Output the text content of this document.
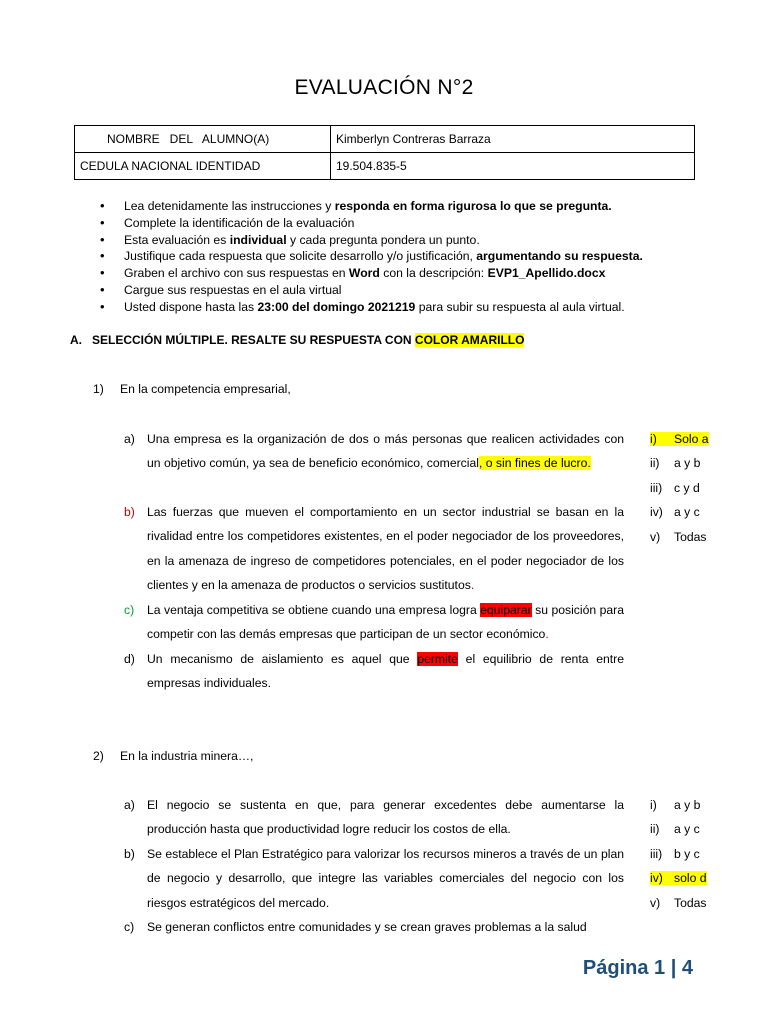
EVALUACIÓN N°2
NOMBRE   DEL   ALUMNO(A)	Kimberlyn Contreras Barraza
CEDULA NACIONAL IDENTIDAD	19.504.835-5
• Lea detenidamente las instrucciones y responda en forma rigurosa lo que se pregunta.
• Complete la identificación de la evaluación
• Esta evaluación es individual y cada pregunta pondera un punto.
• Justifique cada respuesta que solicite desarrollo y/o justificación, argumentando su respuesta.
• Graben el archivo con sus respuestas en Word con la descripción: EVP1_Apellido.docx
• Cargue sus respuestas en el aula virtual
• Usted dispone hasta las 23:00 del domingo 2021219 para subir su respuesta al aula virtual.
A.   SELECCIÓN MÚLTIPLE. RESALTE SU RESPUESTA CON COLOR AMARILLO
1) En la competencia empresarial,
a) Una empresa es la organización de dos o más personas que realicen actividades con un objetivo común, ya sea de beneficio económico, comercial, o sin fines de lucro.
b) Las fuerzas que mueven el comportamiento en un sector industrial se basan en la rivalidad entre los competidores existentes, en el poder negociador de los proveedores, en la amenaza de ingreso de competidores potenciales, en el poder negociador de los clientes y en la amenaza de productos o servicios sustitutos.
c) La ventaja competitiva se obtiene cuando una empresa logra equiparar su posición para competir con las demás empresas que participan de un sector económico.
d) Un mecanismo de aislamiento es aquel que permite el equilibrio de renta entre empresas individuales.
i) Solo a
ii) a y b
iii) c y d
iv) a y c
v) Todas
2) En la industria minera…,
a) El negocio se sustenta en que, para generar excedentes debe aumentarse la producción hasta que productividad logre reducir los costos de ella.
b) Se establece el Plan Estratégico para valorizar los recursos mineros a través de un plan de negocio y desarrollo, que integre las variables comerciales del negocio con los riesgos estratégicos del mercado.
c) Se generan conflictos entre comunidades y se crean graves problemas a la salud
i) a y b
ii) a y c
iii) b y c
iv) solo d
v) Todas
Página 1 | 4
